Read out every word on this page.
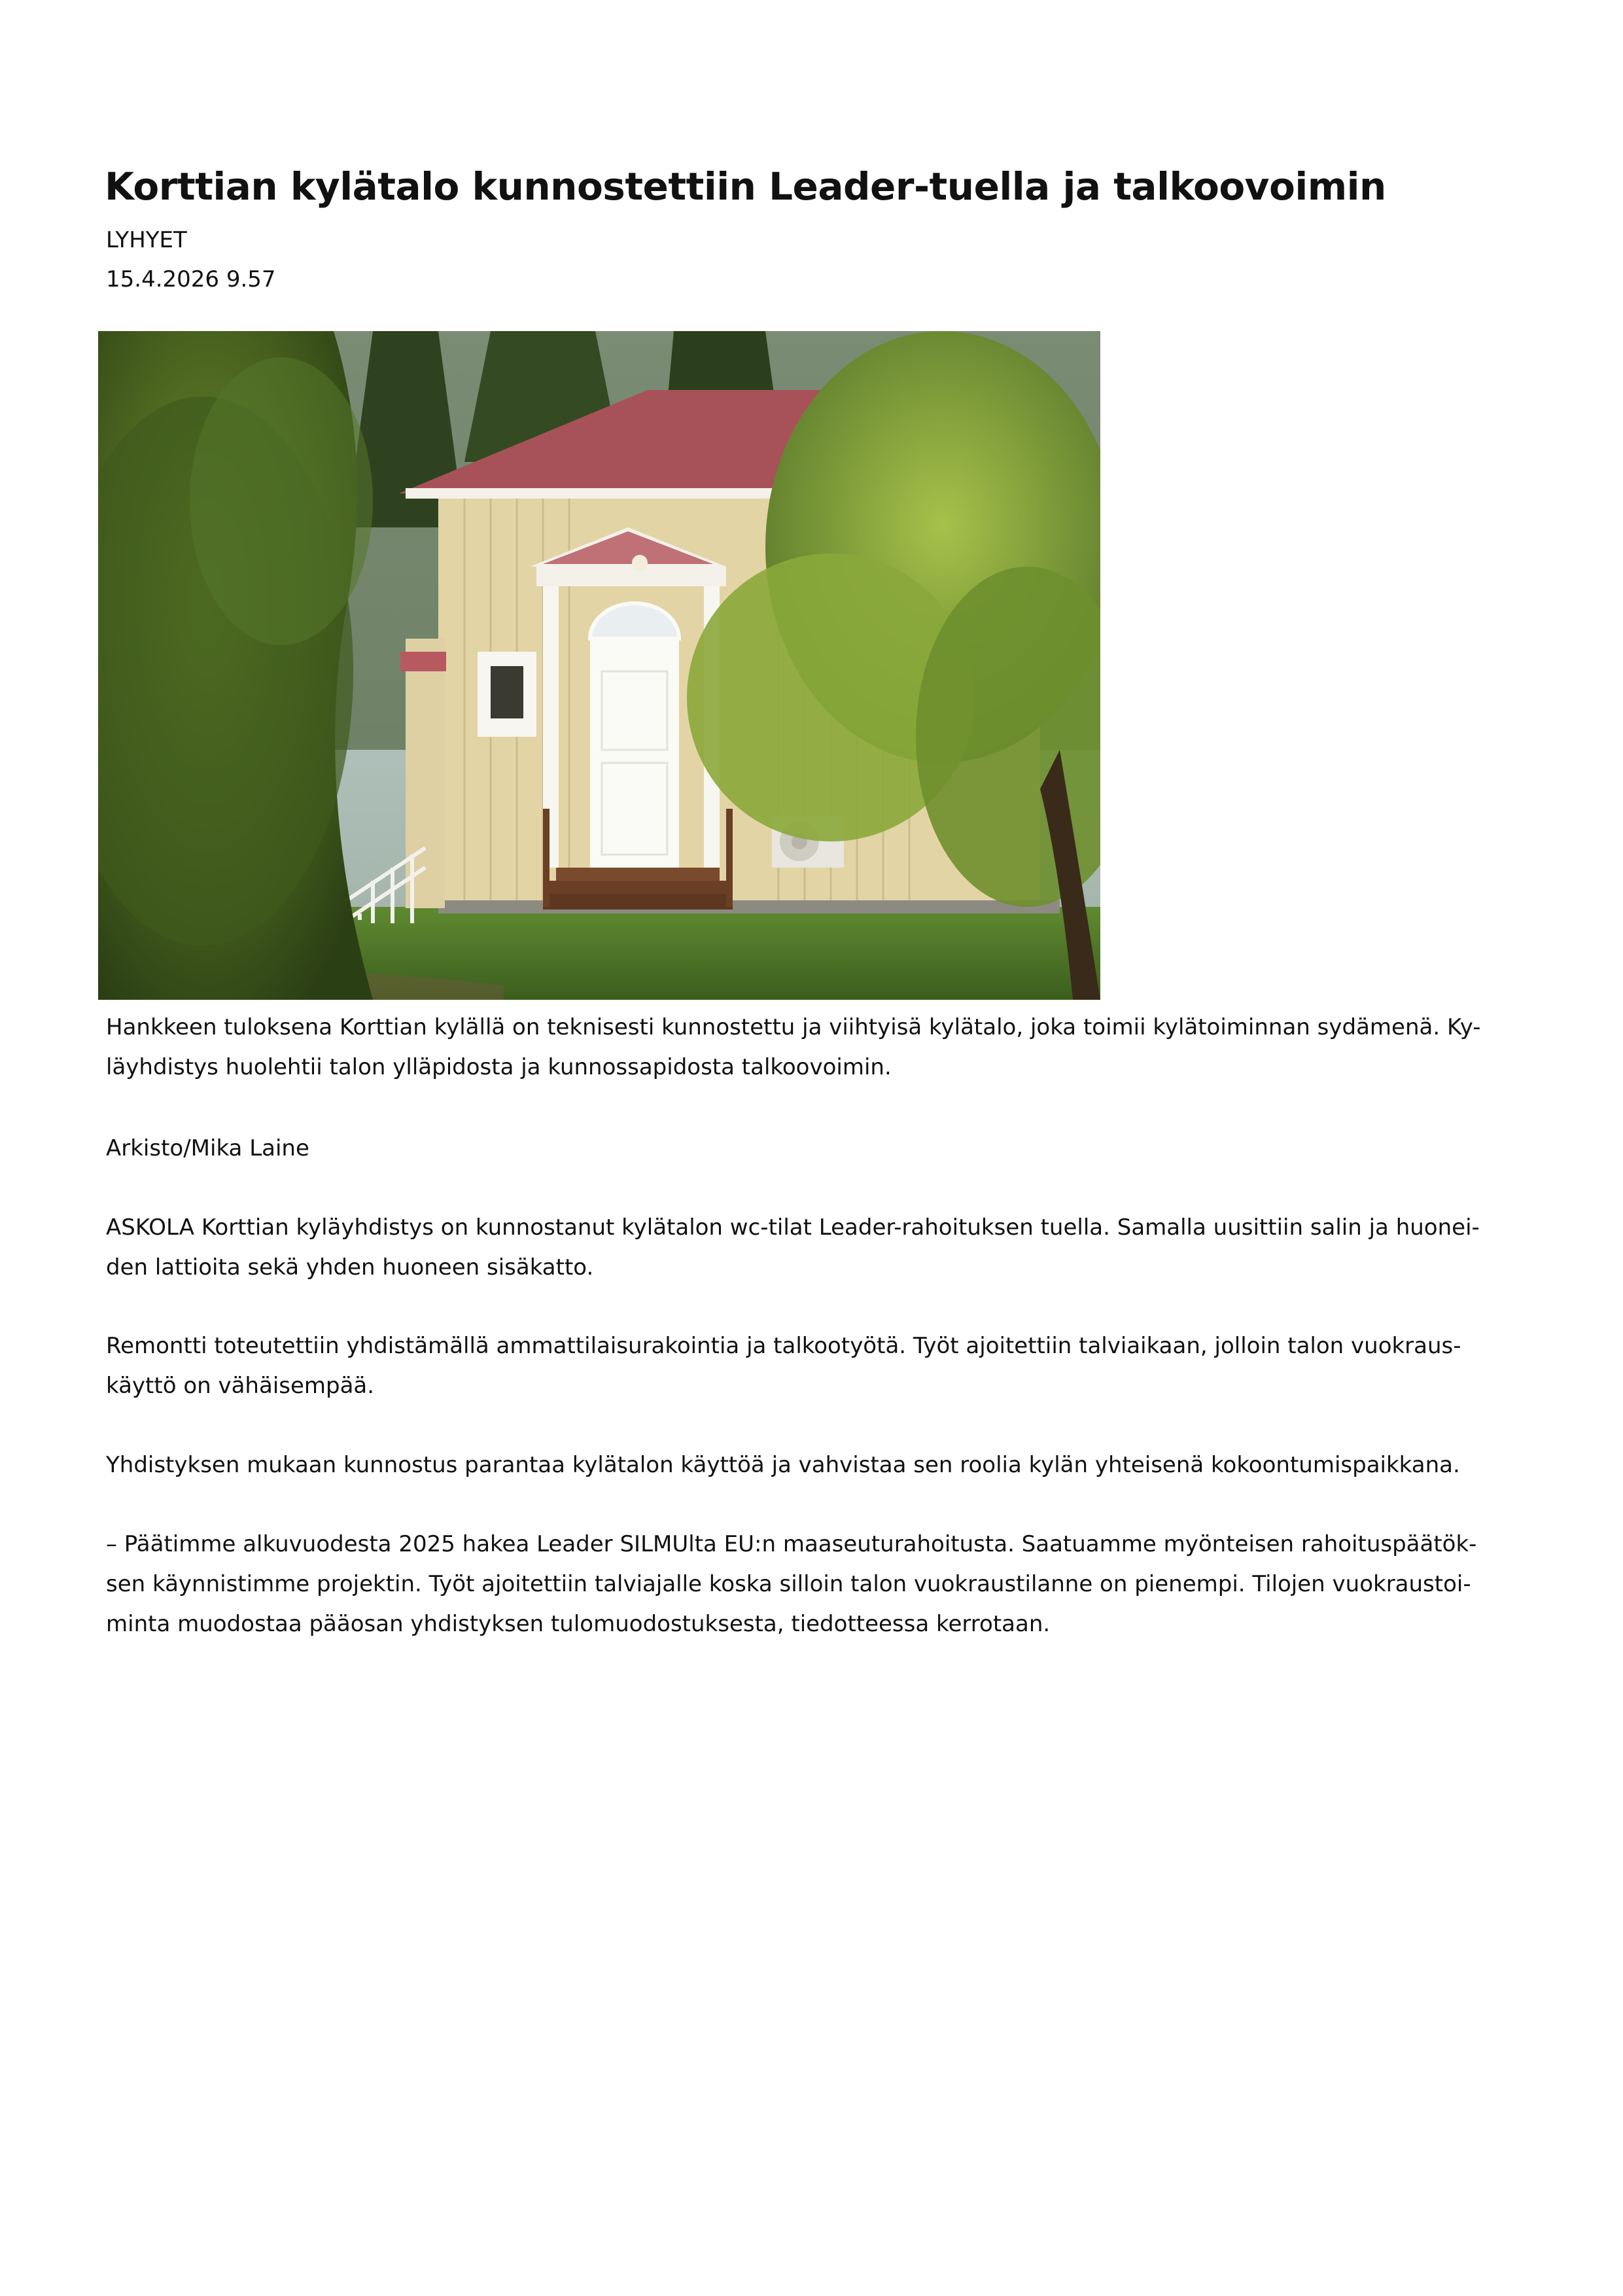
Korttian kylätalo kunnostettiin Leader-tuella ja talkoovoimin
LYHYET
15.4.2026 9.57

Hankkeen tuloksena Korttian kylällä on teknisesti kunnostettu ja viihtyisä kylätalo, joka toimii kylätoiminnan sydämenä. Ky-

läyhdistys huolehtii talon ylläpidosta ja kunnossapidosta talkoovoimin.

Arkisto/Mika Laine

ASKOLA Korttian kyläyhdistys on kunnostanut kylätalon wc-tilat Leader-rahoituksen tuella. Samalla uusittiin salin ja huonei-

den lattioita sekä yhden huoneen sisäkatto.

Remontti toteutettiin yhdistämällä ammattilaisurakointia ja talkootyötä. Työt ajoitettiin talviaikaan, jolloin talon vuokraus-

käyttö on vähäisempää.

Yhdistyksen mukaan kunnostus parantaa kylätalon käyttöä ja vahvistaa sen roolia kylän yhteisenä kokoontumispaikkana.

– Päätimme alkuvuodesta 2025 hakea Leader SILMUlta EU:n maaseuturahoitusta. Saatuamme myönteisen rahoituspäätök-

sen käynnistimme projektin. Työt ajoitettiin talviajalle koska silloin talon vuokraustilanne on pienempi. Tilojen vuokraustoi-

minta muodostaa pääosan yhdistyksen tulomuodostuksesta, tiedotteessa kerrotaan.
